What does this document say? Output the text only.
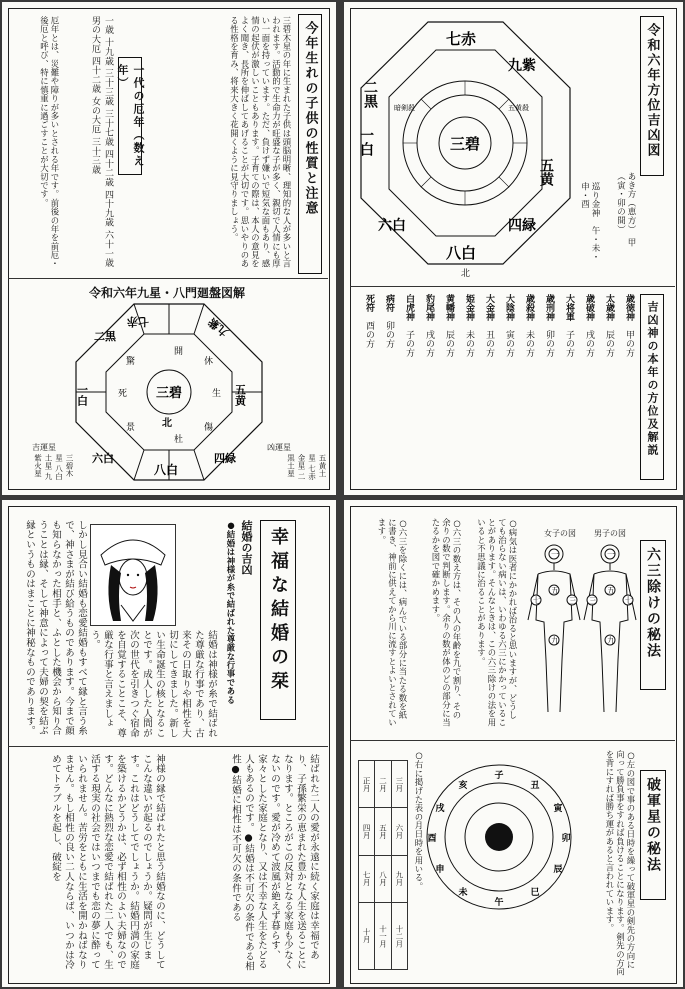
今年生れの子供の性質と注意
三碧木星の年に生まれた子供は頭脳明晰、理知的な人が多いと言われます。活動的で生命力が旺盛な子が多く、親切で人情にも厚い一面を持っています。ただ、負けず嫌いで短気な面もあり、感情の起伏が激しいこともあります。子育ての際は、本人の意見をよく聞き、長所を伸ばしてあげることが大切です。思いやりのある性格を育み、将来大きく花開くように見守りましょう。
一代の厄年（数え年）
一歳 十九歳 三十三歳 三十七歳 四十二歳 四十九歳 六十一歳 男の大厄 四十二歳 女の大厄 三十三歳
厄年とは、災難や障りが多いとされる年です。前後の年を前厄・後厄と呼び、特に慎重に過ごすことが大切です。
令和六年九星・八門廻盤図解
三碧
七赤	九紫
五黄
四緑
八白
六白
一白
二黒
開
休
生
傷
杜
景
死
驚
北
吉運星
三碧木星 八白土星 九紫火星
凶運星
五黄土星 七赤金星 二黒土星
令和六年方位吉凶図
あき方（恵方）　甲（寅・卯の間）
巡り金神　午・未・申・酉
三碧
七赤
九紫
五黄
四緑
八白
六白
一白
二黒
北
暗剣殺	五黄殺
吉凶神の本年の方位及解説
歳徳神　甲の方
太歳神　辰の方
歳破神　戌の方
大将軍　子の方
歳刑神　卯の方
歳殺神　未の方
大陰神　寅の方
大金神　丑の方
姫金神　未の方
黄幡神　辰の方
豹尾神　戌の方
白虎神　子の方
病符　卯の方
死符　酉の方
幸福な結婚の栞
結婚の吉凶
●結婚は神様が糸で結ばれた尊厳な行事である
結婚は神様が糸で結ばれた尊厳な行事であり、古来その日取りや相性を大切にしてきました。新しい生命誕生の核となることです。成人した人間が次の世代を引きつぐ宿命を自覚することこそ、尊厳な行事と言えましょう。
しかし見合い結婚も恋愛結婚もすべて縁と言う糸で、神さまが結び給うものであります。今まで顔も知らなかった相手と、ふとした機会から知り合うことは縁、そして神意によって夫婦の契を結ぶ縁というものはまことに神秘なものであります。
結ばれた二人の愛が永遠に続く家庭は幸福であり、子孫繁栄の恵まれた豊かな人生を送ることになります。ところがこの反対となる家庭も少なくないのです。愛が冷めて波風が絶えず暮らす、家々とした家庭となり、又は不幸な人生をたどる人もあるのです。●結婚は不可欠の条件である相性●結婚に相性は不可欠の条件である
神様の縁で結ばれたと思う結婚なのに、どうしてこんな違いが起るのでしょうか。疑問が生じます。これはどうしてでしょうか。結婚円満の家庭を築けるかどうかは、必ず相性のよい夫婦なのです。どんなに熱烈な恋愛で結ばれた二人でも、生活する現実の社会ではいつまでも恋の夢に酔っていられません。苦労をともに生活を開かねばなりません。もし相性の良い二人ならば、いつかは冷めてトラブルを起し、破綻を
六三除けの秘法
女子の図 男子の図
一
五
七	三
九
一
五
三	七
九
○病気は医者にかかれば治ると思いますが、どうしても治らない病いは、いわゆる六三にかかっていることがあります。そんなときは、この六三除けの法を用いると不思議に治ることがあります。
○六三の数え方は、その人の年齢を九で割り、その余りの数で判断します。余りの数が体のどの部分に当たるかを図で確かめます。
○六三を除くには、病んでいる部分に当たる数を紙に書き、神前に供えてから川に流すとよいとされています。
破軍星の秘法
○左の図で事のある日時を繰って破軍星の剣先の方向に向って勝負事をすれば負けることになります。剣先の方向を背にすれば勝ち運があると言われています。
子
丑
寅
卯
辰
巳
午
未
申
酉
戌
亥
○右に掲げた表の月日時を用いる。
正月	二月	三月
四月	五月	六月
七月	八月	九月
十月	十一月	十二月
